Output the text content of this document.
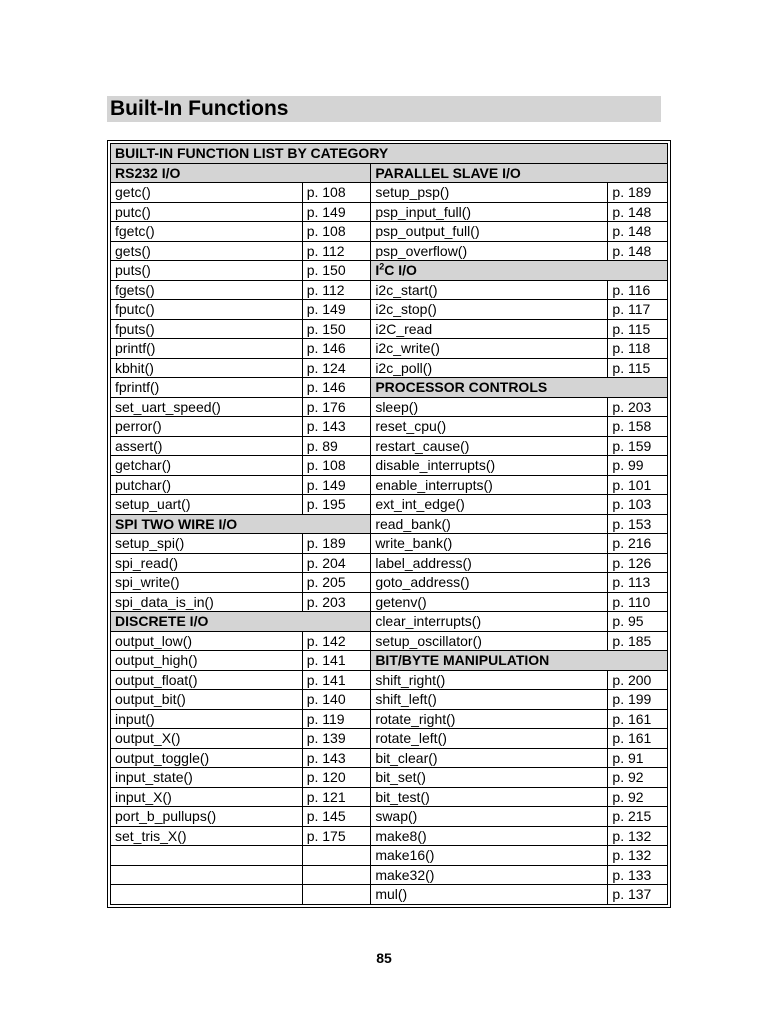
Built-In Functions
BUILT-IN FUNCTION LIST BY CATEGORY			
RS232 I/O		PARALLEL SLAVE I/O	
getc()	p. 108	setup_psp()	p. 189
putc()	p. 149	psp_input_full()	p. 148
fgetc()	p. 108	psp_output_full()	p. 148
gets()	p. 112	psp_overflow()	p. 148
puts()	p. 150	$I^2C$ I/O	
fgets()	p. 112	i2c_start()	p. 116
fputc()	p. 149	i2c_stop()	p. 117
fputs()	p. 150	i2C_read	p. 115
printf()	p. 146	i2c_write()	p. 118
kbhit()	p. 124	i2c_poll()	p. 115
fprintf()	p. 146	PROCESSOR CONTROLS	
set_uart_speed()	p. 176	sleep()	p. 203
perror()	p. 143	reset_cpu()	p. 158
assert()	p. 89	restart_cause()	p. 159
getchar()	p. 108	disable_interrupts()	p. 99
putchar()	p. 149	enable_interrupts()	p. 101
setup_uart()	p. 195	ext_int_edge()	p. 103
SPI TWO WIRE I/O		read_bank()	p. 153
setup_spi()	p. 189	write_bank()	p. 216
spi_read()	p. 204	label_address()	p. 126
spi_write()	p. 205	goto_address()	p. 113
spi_data_is_in()	p. 203	getenv()	p. 110
DISCRETE I/O		clear_interrupts()	p. 95
output_low()	p. 142	setup_oscillator()	p. 185
output_high()	p. 141	BIT/BYTE MANIPULATION	
output_float()	p. 141	shift_right()	p. 200
output_bit()	p. 140	shift_left()	p. 199
input()	p. 119	rotate_right()	p. 161
output_X()	p. 139	rotate_left()	p. 161
output_toggle()	p. 143	bit_clear()	p. 91
input_state()	p. 120	bit_set()	p. 92
input_X()	p. 121	bit_test()	p. 92
port_b_pullups()	p. 145	swap()	p. 215
set_tris_X()	p. 175	make8()	p. 132
		make16()	p. 132
		make32()	p. 133
		mul()	p. 137
85
